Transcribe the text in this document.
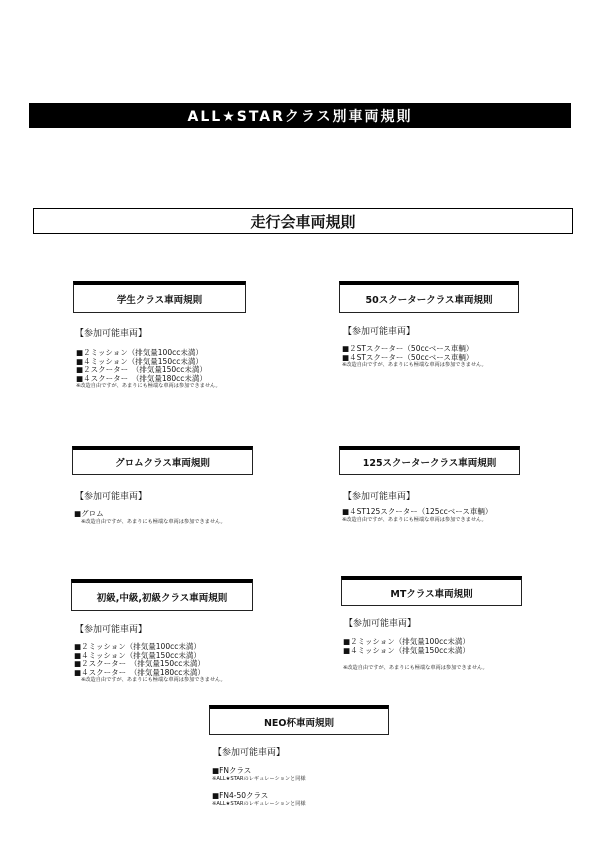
ALL★STARクラス別車両規則
走行会車両規則
学生クラス車両規則
【参加可能車両】
■２ミッション（排気量100cc未満）
■４ミッション（排気量150cc未満）
■２スクーター　（排気量150cc未満）
■４スクーター　（排気量180cc未満）
※改造自由ですが、あまりにも極端な車両は参加できません。
50スクータークラス車両規則
【参加可能車両】
■２STスクーター（50ccベース車輌）
■４STスクーター（50ccベース車輌）
※改造自由ですが、あまりにも極端な車両は参加できません。
グロムクラス車両規則
【参加可能車両】
■グロム
※改造自由ですが、あまりにも極端な車両は参加できません。
125スクータークラス車両規則
【参加可能車両】
■４ST125スクーター（125ccベース車輌）
※改造自由ですが、あまりにも極端な車両は参加できません。
初級,中級,初級クラス車両規則
【参加可能車両】
■２ミッション（排気量100cc未満）
■４ミッション（排気量150cc未満）
■２スクーター　（排気量150cc未満）
■４スクーター　（排気量180cc未満）
※改造自由ですが、あまりにも極端な車両は参加できません。
MTクラス車両規則
【参加可能車両】
■２ミッション（排気量100cc未満）
■４ミッション（排気量150cc未満）
※改造自由ですが、あまりにも極端な車両は参加できません。
NEO杯車両規則
【参加可能車両】
■FNクラス
※ALL★STARのレギュレーションと同様
■FN4-50クラス
※ALL★STARのレギュレーションと同様
